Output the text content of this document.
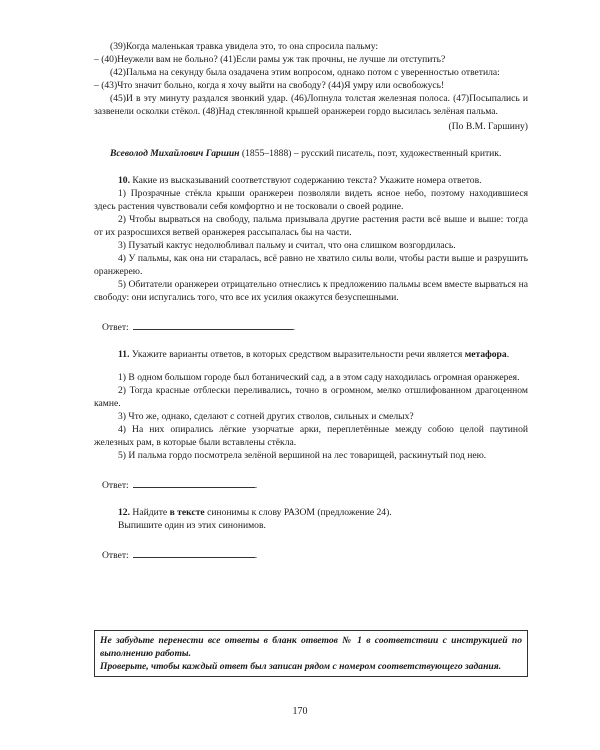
(39)Когда маленькая травка увидела это, то она спросила пальму:

– (40)Неужели вам не больно? (41)Если рамы уж так прочны, не лучше ли отступить?

(42)Пальма на секунду была озадачена этим вопросом, однако потом с уверенностью ответила:

– (43)Что значит больно, когда я хочу выйти на свободу? (44)Я умру или освобожусь!

(45)И в эту минуту раздался звонкий удар. (46)Лопнула толстая железная полоса. (47)Посыпались и зазвенели осколки стёкол. (48)Над стеклянной крышей оранжереи гордо высилась зелёная пальма.

(По В.М. Гаршину)

Всеволод Михайлович Гаршин (1855–1888) – русский писатель, поэт, художественный критик.

10. Какие из высказываний соответствуют содержанию текста? Укажите номера ответов.

1) Прозрачные стёкла крыши оранжереи позволяли видеть ясное небо, поэтому находившиеся здесь растения чувствовали себя комфортно и не тосковали о своей родине.

2) Чтобы вырваться на свободу, пальма призывала другие растения расти всё выше и выше: тогда от их разросшихся ветвей оранжерея рассыпалась бы на части.

3) Пузатый кактус недолюбливал пальму и считал, что она слишком возгордилась.

4) У пальмы, как она ни старалась, всё равно не хватило силы воли, чтобы расти выше и разрушить оранжерею.

5) Обитатели оранжереи отрицательно отнеслись к предложению пальмы всем вместе вырваться на свободу: они испугались того, что все их усилия окажутся безуспешными.

Ответ:	.

11. Укажите варианты ответов, в которых средством выразительности речи является метафора.

1) В одном большом городе был ботанический сад, а в этом саду находилась огромная оранжерея.

2) Тогда красные отблески переливались, точно в огромном, мелко отшлифованном драгоценном камне.

3) Что же, однако, сделают с сотней других стволов, сильных и смелых?

4) На них опирались лёгкие узорчатые арки, переплетённые между собою целой паутиной железных рам, в которые были вставлены стёкла.

5) И пальма гордо посмотрела зелёной вершиной на лес товарищей, раскинутый под нею.

Ответ:	.

12. Найдите в тексте синонимы к слову РАЗОМ (предложение 24).

Выпишите один из этих синонимов.

Ответ:	.

Не забудьте перенести все ответы в бланк ответов № 1 в соответствии с инструкцией по выполнению работы.

Проверьте, чтобы каждый ответ был записан рядом с номером соответствующего задания.

170
